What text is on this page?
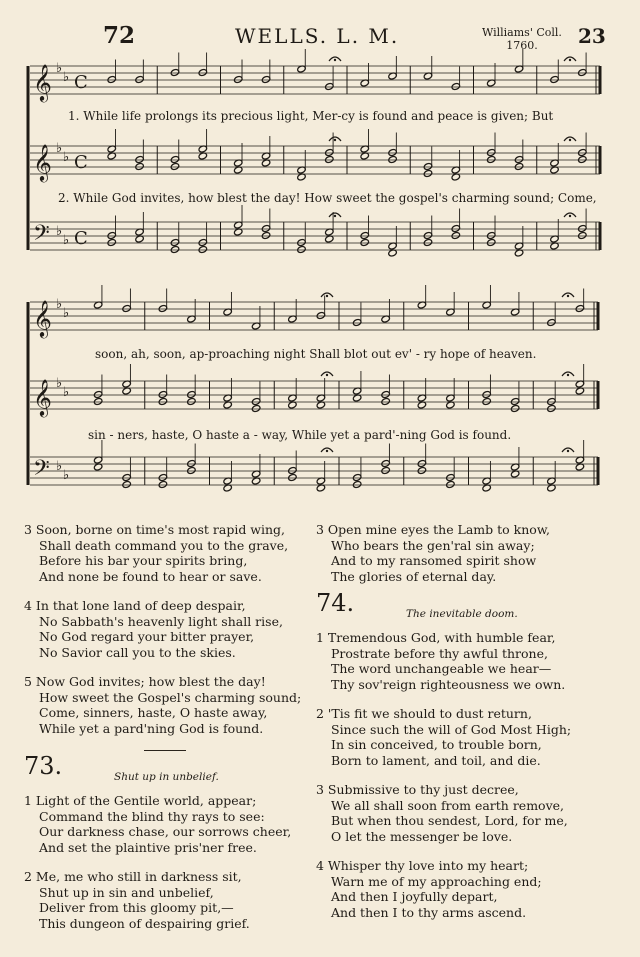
72	WELLS. L. M.	Williams' Coll.
1760.	23
𝄞 ♭
♭ C
𝄞 ♭
♭ C
𝄢 ♭
♭ C
𝄞 ♭
♭
𝄞 ♭
♭
𝄢 ♭
♭
1. While life prolongs its precious light, Mer-cy is found and peace is given; But
2. While God invites, how blest the day! How sweet the gospel's charming sound; Come,
soon, ah, soon, ap-proaching night Shall blot out ev' - ry hope of heaven.
sin - ners, haste, O haste a - way, While yet a pard'-ning God is found.
3 Soon, borne on time's most rapid wing,
Shall death command you to the grave,
Before his bar your spirits bring,
And none be found to hear or save.
4 In that lone land of deep despair,
No Sabbath's heavenly light shall rise,
No God regard your bitter prayer,
No Savior call you to the skies.
5 Now God invites; how blest the day!
How sweet the Gospel's charming sound;
Come, sinners, haste, O haste away,
While yet a pard'ning God is found.
73.	Shut up in unbelief.
1 Light of the Gentile world, appear;
Command the blind thy rays to see:
Our darkness chase, our sorrows cheer,
And set the plaintive pris'ner free.
2 Me, me who still in darkness sit,
Shut up in sin and unbelief,
Deliver from this gloomy pit,—
This dungeon of despairing grief.
3 Open mine eyes the Lamb to know,
Who bears the gen'ral sin away;
And to my ransomed spirit show
The glories of eternal day.
74.	The inevitable doom.
1 Tremendous God, with humble fear,
Prostrate before thy awful throne,
The word unchangeable we hear—
Thy sov'reign righteousness we own.
2 'Tis fit we should to dust return,
Since such the will of God Most High;
In sin conceived, to trouble born,
Born to lament, and toil, and die.
3 Submissive to thy just decree,
We all shall soon from earth remove,
But when thou sendest, Lord, for me,
O let the messenger be love.
4 Whisper thy love into my heart;
Warn me of my approaching end;
And then I joyfully depart,
And then I to thy arms ascend.
